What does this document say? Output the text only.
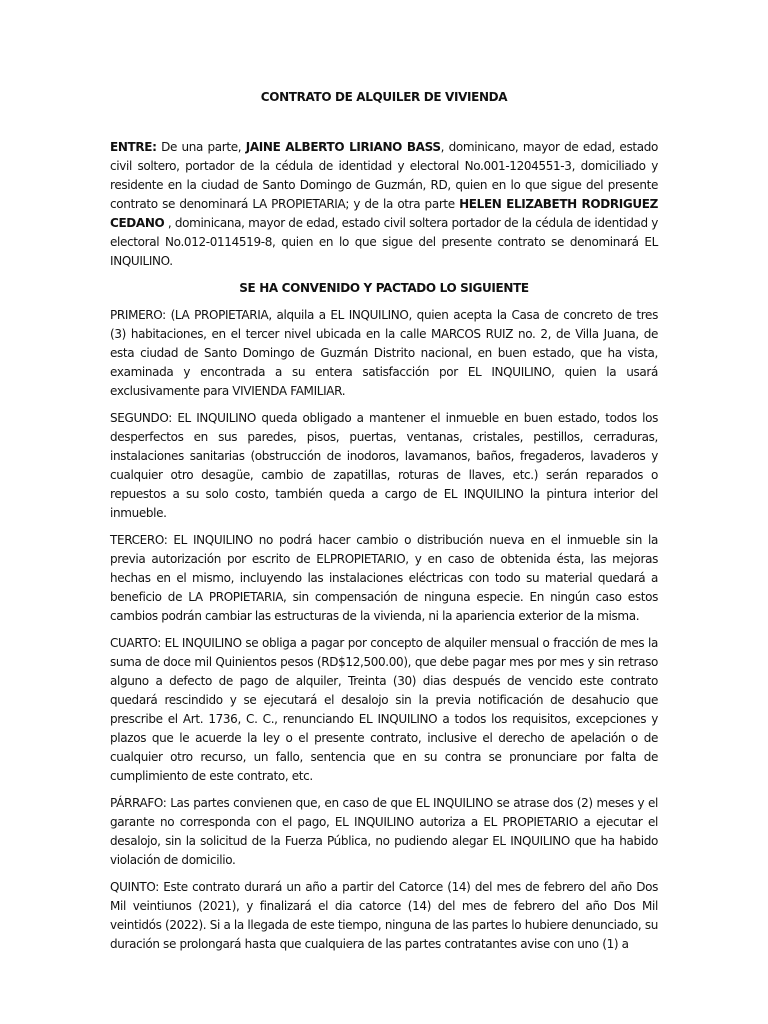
CONTRATO DE ALQUILER DE VIVIENDA

ENTRE: De una parte, JAINE ALBERTO LIRIANO BASS, dominicano, mayor de edad, estado civil soltero, portador de la cédula de identidad y electoral No.001-1204551-3, domiciliado y residente en la ciudad de Santo Domingo de Guzmán, RD, quien en lo que sigue del presente contrato se denominará LA PROPIETARIA; y de la otra parte HELEN ELIZABETH RODRIGUEZ CEDANO , dominicana, mayor de edad, estado civil soltera portador de la cédula de identidad y electoral No.012-0114519-8, quien en lo que sigue del presente contrato se denominará EL INQUILINO.

SE HA CONVENIDO Y PACTADO LO SIGUIENTE

PRIMERO: (LA PROPIETARIA, alquila a EL INQUILINO, quien acepta la Casa de concreto de tres (3) habitaciones, en el tercer nivel ubicada en la calle MARCOS RUIZ no. 2, de Villa Juana, de esta ciudad de Santo Domingo de Guzmán Distrito nacional, en buen estado, que ha vista, examinada y encontrada a su entera satisfacción por EL INQUILINO, quien la usará exclusivamente para VIVIENDA FAMILIAR.

SEGUNDO: EL INQUILINO queda obligado a mantener el inmueble en buen estado, todos los desperfectos en sus paredes, pisos, puertas, ventanas, cristales, pestillos, cerraduras, instalaciones sanitarias (obstrucción de inodoros, lavamanos, baños, fregaderos, lavaderos y cualquier otro desagüe, cambio de zapatillas, roturas de llaves, etc.) serán reparados o repuestos a su solo costo, también queda a cargo de EL INQUILINO la pintura interior del inmueble.

TERCERO: EL INQUILINO no podrá hacer cambio o distribución nueva en el inmueble sin la previa autorización por escrito de ELPROPIETARIO, y en caso de obtenida ésta, las mejoras hechas en el mismo, incluyendo las instalaciones eléctricas con todo su material quedará a beneficio de LA PROPIETARIA, sin compensación de ninguna especie. En ningún caso estos cambios podrán cambiar las estructuras de la vivienda, ni la apariencia exterior de la misma.

CUARTO: EL INQUILINO se obliga a pagar por concepto de alquiler mensual o fracción de mes la suma de doce mil Quinientos pesos (RD$12,500.00), que debe pagar mes por mes y sin retraso alguno a defecto de pago de alquiler, Treinta (30) dias después de vencido este contrato quedará rescindido y se ejecutará el desalojo sin la previa notificación de desahucio que prescribe el Art. 1736, C. C., renunciando EL INQUILINO a todos los requisitos, excepciones y plazos que le acuerde la ley o el presente contrato, inclusive el derecho de apelación o de cualquier otro recurso, un fallo, sentencia que en su contra se pronunciare por falta de cumplimiento de este contrato, etc.

PÁRRAFO: Las partes convienen que, en caso de que EL INQUILINO se atrase dos (2) meses y el garante no corresponda con el pago, EL INQUILINO autoriza a EL PROPIETARIO a ejecutar el desalojo, sin la solicitud de la Fuerza Pública, no pudiendo alegar EL INQUILINO que ha habido violación de domicilio.

QUINTO: Este contrato durará un año a partir del Catorce (14) del mes de febrero del año Dos Mil veintiunos (2021), y finalizará el dia catorce (14) del mes de febrero del año Dos Mil veintidós (2022). Si a la llegada de este tiempo, ninguna de las partes lo hubiere denunciado, su duración se prolongará hasta que cualquiera de las partes contratantes avise con uno (1) a
